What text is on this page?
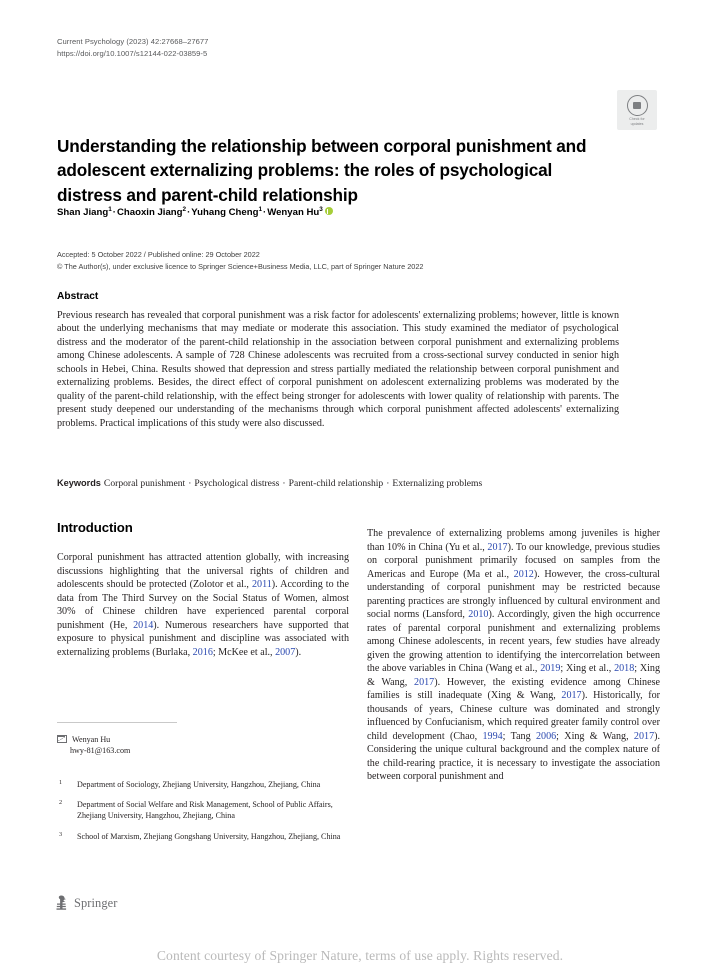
Current Psychology (2023) 42:27668–27677
https://doi.org/10.1007/s12144-022-03859-5
Check for
updates
Understanding the relationship between corporal punishment and adolescent externalizing problems: the roles of psychological distress and parent-child relationship
Shan Jiang$^1$·Chaoxin Jiang$^2$·Yuhang Cheng$^1$·Wenyan Hu$^3$
Accepted: 5 October 2022 / Published online: 29 October 2022
© The Author(s), under exclusive licence to Springer Science+Business Media, LLC, part of Springer Nature 2022
Abstract
Previous research has revealed that corporal punishment was a risk factor for adolescents' externalizing problems; however, little is known about the underlying mechanisms that may mediate or moderate this association. This study examined the mediator of psychological distress and the moderator of the parent-child relationship in the association between corporal punishment and externalizing problems among Chinese adolescents. A sample of 728 Chinese adolescents was recruited from a cross-sectional survey conducted in senior high schools in Hebei, China. Results showed that depression and stress partially mediated the relationship between corporal punishment and externalizing problems. Besides, the direct effect of corporal punishment on adolescent externalizing problems was moderated by the quality of the parent-child relationship, with the effect being stronger for adolescents with lower quality of relationship with parents. The present study deepened our understanding of the mechanisms through which corporal punishment affected adolescents' externalizing problems. Practical implications of this study were also discussed.
Keywords Corporal punishment · Psychological distress · Parent-child relationship · Externalizing problems
Introduction

Corporal punishment has attracted attention globally, with increasing discussions highlighting that the universal rights of children and adolescents should be protected (Zolotor et al., 2011). According to the data from The Third Survey on the Social Status of Women, almost 30% of Chinese children have experienced parental corporal punishment (He, 2014). Numerous researchers have supported that exposure to physical punishment and discipline was associated with externalizing problems (Burlaka, 2016; McKee et al., 2007).

The prevalence of externalizing problems among juveniles is higher than 10% in China (Yu et al., 2017). To our knowledge, previous studies on corporal punishment primarily focused on samples from the Americas and Europe (Ma et al., 2012). However, the cross-cultural understanding of corporal punishment may be restricted because parenting practices are strongly influenced by cultural environment and social norms (Lansford, 2010). Accordingly, given the high occurrence rates of parental corporal punishment and externalizing problems among Chinese adolescents, in recent years, few studies have already given the growing attention to identifying the intercorrelation between the above variables in China (Wang et al., 2019; Xing et al., 2018; Xing & Wang, 2017). However, the existing evidence among Chinese families is still inadequate (Xing & Wang, 2017). Historically, for thousands of years, Chinese culture was dominated and strongly influenced by Confucianism, which required greater family control over child development (Chao, 1994; Tang 2006; Xing & Wang, 2017). Considering the unique cultural background and the complex nature of the child-rearing practice, it is necessary to investigate the association between corporal punishment and

Wenyan Hu
hwy-81@163.com
1 Department of Sociology, Zhejiang University, Hangzhou, Zhejiang, China
2 Department of Social Welfare and Risk Management, School of Public Affairs, Zhejiang University, Hangzhou, Zhejiang, China
3 School of Marxism, Zhejiang Gongshang University, Hangzhou, Zhejiang, China
Springer
Content courtesy of Springer Nature, terms of use apply. Rights reserved.
